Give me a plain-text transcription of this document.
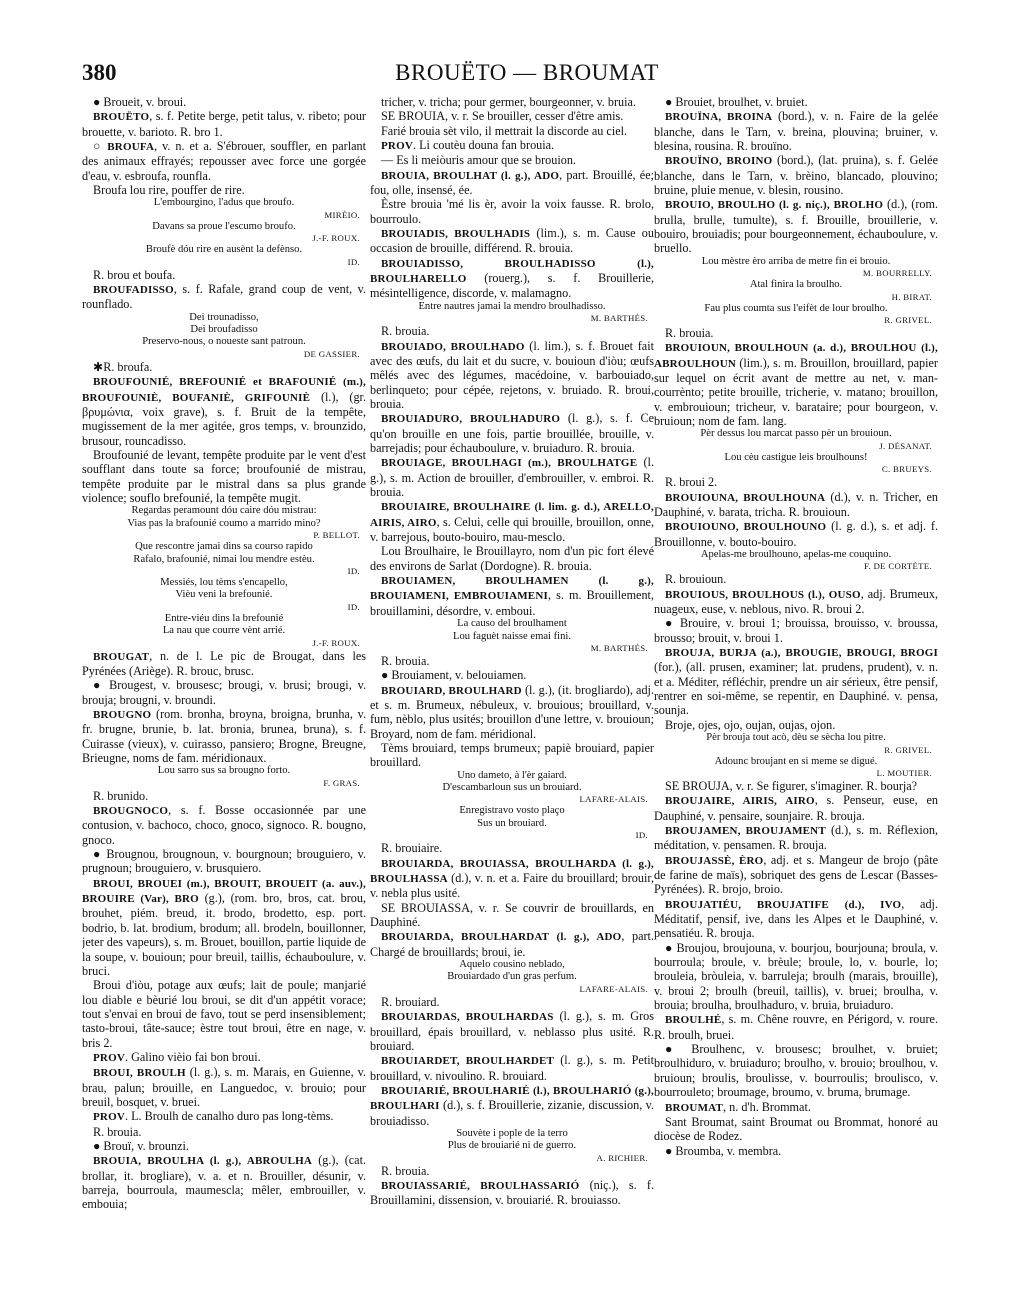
BROUËTO — BROUMAT
380

● Broueit, v. broui.

BROUËTO, s. f. Petite berge, petit talus, v. ribeto; pour brouette, v. barioto. R. bro 1.

○ BROUFA, v. n. et a. S'ébrouer, souffler, en parlant des animaux effrayés; repousser avec force une gorgée d'eau, v. esbroufa, rounfla.

Broufa lou rire, pouffer de rire.

L'embourgino, l'adus que broufo.

MIRÈIO.

Davans sa proue l'escumo broufo.

J.-F. ROUX.

Broufè dóu rire en ausènt la defènso.

ID.

R. brou et boufa.

BROUFADISSO, s. f. Rafale, grand coup de vent, v. rounflado.

Dei trounadisso,
Dei broufadisso
Preservo-nous, o noueste sant patroun.

DE GASSIER.

✱R. broufa.

BROUFOUNIÉ, BREFOUNIÉ et BRAFOUNIÉ (m.), BROUFOUNIÈ, BOUFANIÈ, GRIFOUNIÈ (l.), (gr. βρυμώνια, voix grave), s. f. Bruit de la tempête, mugissement de la mer agitée, gros temps, v. brounzido, brusour, rouncadisso.

Broufounié de levant, tempête produite par le vent d'est soufflant dans toute sa force; broufounié de mistrau, tempête produite par le mistral dans sa plus grande violence; souflo brefounié, la tempête mugit.

Regardas peramount dóu caire dóu mistrau:
Vias pas la brafounié coumo a marrido mino?

P. BELLOT.

Que rescontre jamai dins sa courso rapido
Rafalo, brafounié, nimai lou mendre estèu.

ID.

Messiés, lou tèms s'encapello,
Vièu veni la brefounié.

ID.

Entre-viéu dins la brefounié
La nau que courre vènt arrié.

J.-F. ROUX.

BROUGAT, n. de l. Le pic de Brougat, dans les Pyrénées (Ariège). R. brouc, brusc.

● Brougest, v. brousesc; brougi, v. brusi; brougi, v. brouja; brougni, v. broundi.

BROUGNO (rom. bronha, broyna, broigna, brunha, v. fr. brugne, brunie, b. lat. bronia, brunea, bruna), s. f. Cuirasse (vieux), v. cuirasso, pansiero; Brogne, Breugne, Brieugne, noms de fam. méridionaux.

Lou sarro sus sa brougno forto.

F. GRAS.

R. brunido.

BROUGNOCO, s. f. Bosse occasionnée par une contusion, v. bachoco, choco, gnoco, signoco. R. bougno, gnoco.

● Brougnou, brougnoun, v. bourgnoun; brouguiero, v. prugnoun; brouguiero, v. brusquiero.

BROUI, BROUEI (m.), BROUIT, BROUEIT (a. auv.), BROUIRE (Var), BRO (g.), (rom. bro, bros, cat. brou, brouhet, piém. breud, it. brodo, brodetto, esp. port. bodrio, b. lat. brodium, brodum; all. brodeln, bouillonner, jeter des vapeurs), s. m. Brouet, bouillon, partie liquide de la soupe, v. bouioun; pour breuil, taillis, échauboulure, v. bruci.

Broui d'iòu, potage aux œufs; lait de poule; manjarié lou diable e bèurié lou broui, se dit d'un appétit vorace; tout s'envai en broui de favo, tout se perd insensiblement; tasto-broui, tâte-sauce; èstre tout broui, être en nage, v. bris 2.

PROV. Galino vièio fai bon broui.

BROUI, BROULH (l. g.), s. m. Marais, en Guienne, v. brau, palun; brouille, en Languedoc, v. brouio; pour breuil, bosquet, v. bruei.

PROV. L. Broulh de canalho duro pas long-tèms.

R. brouia.

● Brouï, v. brounzi.

BROUIA, BROULHA (l. g.), ABROULHA (g.), (cat. brollar, it. brogliare), v. a. et n. Brouiller, désunir, v. barreja, bourroula, maumescla; mêler, embrouiller, v. embouia;

tricher, v. tricha; pour germer, bourgeonner, v. bruia.

SE BROUIA, v. r. Se brouiller, cesser d'être amis.

Farié brouia sèt vilo, il mettrait la discorde au ciel.

PROV. Li coutèu douna fan brouia.

— Es li meiòuris amour que se brouion.

BROUIA, BROULHAT (l. g.), ADO, part. Brouillé, ée; fou, olle, insensé, ée.

Èstre brouia 'mé lis èr, avoir la voix fausse. R. brolo, bourroulo.

BROUIADIS, BROULHADIS (lim.), s. m. Cause ou occasion de brouille, différend. R. brouia.

BROUIADISSO, BROULHADISSO (l.), BROULHARELLO (rouerg.), s. f. Brouillerie, mésintelligence, discorde, v. malamagno.

Entre nautres jamai la mendro broulhadisso.

M. BARTHÉS.

R. brouia.

BROUIADO, BROULHADO (l. lim.), s. f. Brouet fait avec des œufs, du lait et du sucre, v. bouioun d'iòu; œufs mêlés avec des légumes, macédoine, v. barbouiado, berlinqueto; pour cépée, rejetons, v. bruiado. R. broui, brouia.

BROUIADURO, BROULHADURO (l. g.), s. f. Ce qu'on brouille en une fois, partie brouillée, brouille, v. barrejadis; pour échauboulure, v. bruiaduro. R. brouia.

BROUIAGE, BROULHAGI (m.), BROULHATGE (l. g.), s. m. Action de brouiller, d'embrouiller, v. embroi. R. brouia.

BROUIAIRE, BROULHAIRE (l. lim. g. d.), ARELLO, AIRIS, AIRO, s. Celui, celle qui brouille, brouillon, onne, v. barrejous, bouto-bouiro, mau-mesclo.

Lou Broulhaire, le Brouillayro, nom d'un pic fort élevé des environs de Sarlat (Dordogne). R. brouia.

BROUIAMEN, BROULHAMEN (l. g.), BROUIAMENI, EMBROUIAMENI, s. m. Brouillement, brouillamini, désordre, v. emboui.

La causo del broulhament
Lou faguèt naisse emai fini.

M. BARTHÉS.

R. brouia.

● Brouiament, v. belouiamen.

BROUIARD, BROULHARD (l. g.), (it. brogliardo), adj. et s. m. Brumeux, nébuleux, v. brouious; brouillard, v. fum, nèblo, plus usités; brouillon d'une lettre, v. brouioun; Broyard, nom de fam. méridional.

Tèms brouiard, temps brumeux; papiè brouiard, papier brouillard.

Uno dameto, à l'èr gaiard.
D'escambarloun sus un brouiard.

LAFARE-ALAIS.

Enregistravo vosto plaço
Sus un brouiard.

ID.

R. brouiaire.

BROUIARDA, BROUIASSA, BROULHARDA (l. g.), BROULHASSA (d.), v. n. et a. Faire du brouillard; brouir, v. nebla plus usité.

SE BROUIASSA, v. r. Se couvrir de brouillards, en Dauphiné.

BROUIARDA, BROULHARDAT (l. g.), ADO, part. Chargé de brouillards; broui, ie.

Aquelo cousino neblado,
Brouiardado d'un gras perfum.

LAFARE-ALAIS.

R. brouiard.

BROUIARDAS, BROULHARDAS (l. g.), s. m. Gros brouillard, épais brouillard, v. neblasso plus usité. R. brouiard.

BROUIARDET, BROULHARDET (l. g.), s. m. Petit brouillard, v. nivoulino. R. brouiard.

BROUIARIÉ, BROULHARIÉ (l.), BROULHARIÓ (g.), BROULHARI (d.), s. f. Brouillerie, zizanie, discussion, v. brouiadisso.

Souvète i pople de la terro
Plus de brouiarié ni de guerro.

A. RICHIER.

R. brouia.

BROUIASSARIÉ, BROULHASSARIÓ (niç.), s. f. Brouillamini, dissension, v. brouiarié. R. brouiasso.

● Brouiet, broulhet, v. bruiet.

BROUÏNA, BROINA (bord.), v. n. Faire de la gelée blanche, dans le Tarn, v. breina, plouvina; bruiner, v. blesina, rousina. R. brouïno.

BROUÏNO, BROINO (bord.), (lat. pruina), s. f. Gelée blanche, dans le Tarn, v. brèino, blancado, plouvino; bruine, pluie menue, v. blesin, rousino.

BROUIO, BROULHO (l. g. niç.), BROLHO (d.), (rom. brulla, brulle, tumulte), s. f. Brouille, brouillerie, v. bouiro, brouiadis; pour bourgeonnement, échauboulure, v. bruello.

Lou mèstre èro arriba de metre fin ei brouio.

M. BOURRELLY.

Atal finira la broulho.

H. BIRAT.

Fau plus coumta sus l'eifèt de lour broulho.

R. GRIVEL.

R. brouia.

BROUIOUN, BROULHOUN (a. d.), BROULHOU (l.), ABROULHOUN (lim.), s. m. Brouillon, brouillard, papier sur lequel on écrit avant de mettre au net, v. man-courrènto; petite brouille, tricherie, v. matano; brouillon, v. embrouioun; tricheur, v. barataire; pour bourgeon, v. bruioun; nom de fam. lang.

Pèr dessus lou marcat passo pèr un brouioun.

J. DÉSANAT.

Lou cèu castigue leis broulhouns!

C. BRUEYS.

R. broui 2.

BROUIOUNA, BROULHOUNA (d.), v. n. Tricher, en Dauphiné, v. barata, tricha. R. brouioun.

BROUIOUNO, BROULHOUNO (l. g. d.), s. et adj. f. Brouillonne, v. bouto-bouiro.

Apelas-me broulhouno, apelas-me couquino.

F. DE CORTÈTE.

R. brouioun.

BROUIOUS, BROULHOUS (l.), OUSO, adj. Brumeux, nuageux, euse, v. neblous, nivo. R. broui 2.

● Brouire, v. broui 1; brouissa, brouisso, v. broussa, brousso; brouit, v. broui 1.

BROUJA, BURJA (a.), BROUGIE, BROUGI, BROGI (for.), (all. prusen, examiner; lat. prudens, prudent), v. n. et a. Méditer, réfléchir, prendre un air sérieux, être pensif, rentrer en soi-même, se repentir, en Dauphiné. v. pensa, sounja.

Broje, ojes, ojo, oujan, oujas, ojon.

Pèr brouja tout acò, dèu se sècha lou pitre.

R. GRIVEL.

Adounc broujant en si meme se digué.

L. MOUTIER.

SE BROUJA, v. r. Se figurer, s'imaginer. R. bourja?

BROUJAIRE, AIRIS, AIRO, s. Penseur, euse, en Dauphiné, v. pensaire, sounjaire. R. brouja.

BROUJAMEN, BROUJAMENT (d.), s. m. Réflexion, méditation, v. pensamen. R. brouja.

BROUJASSÈ, ÈRO, adj. et s. Mangeur de brojo (pâte de farine de maïs), sobriquet des gens de Lescar (Basses-Pyrénées). R. brojo, broio.

BROUJATIÉU, BROUJATIFE (d.), IVO, adj. Méditatif, pensif, ive, dans les Alpes et le Dauphiné, v. pensatiéu. R. brouja.

● Broujou, broujouna, v. bourjou, bourjouna; broula, v. bourroula; broule, v. brèule; broule, lo, v. bourle, lo; brouleia, bròuleia, v. barruleja; broulh (marais, brouille), v. broui 2; broulh (breuil, taillis), v. bruei; broulha, v. brouia; broulha, broulhaduro, v. bruia, bruiaduro.

BROULHÉ, s. m. Chêne rouvre, en Périgord, v. roure. R. broulh, bruei.

● Broulhenc, v. brousesc; broulhet, v. bruiet; broulhiduro, v. bruiaduro; broulho, v. brouio; broulhou, v. bruioun; broulis, broulisse, v. bourroulis; broulisco, v. bourrouleto; broumage, broumo, v. bruma, brumage.

BROUMAT, n. d'h. Brommat.

Sant Broumat, saint Broumat ou Brommat, honoré au diocèse de Rodez.

● Broumba, v. membra.
